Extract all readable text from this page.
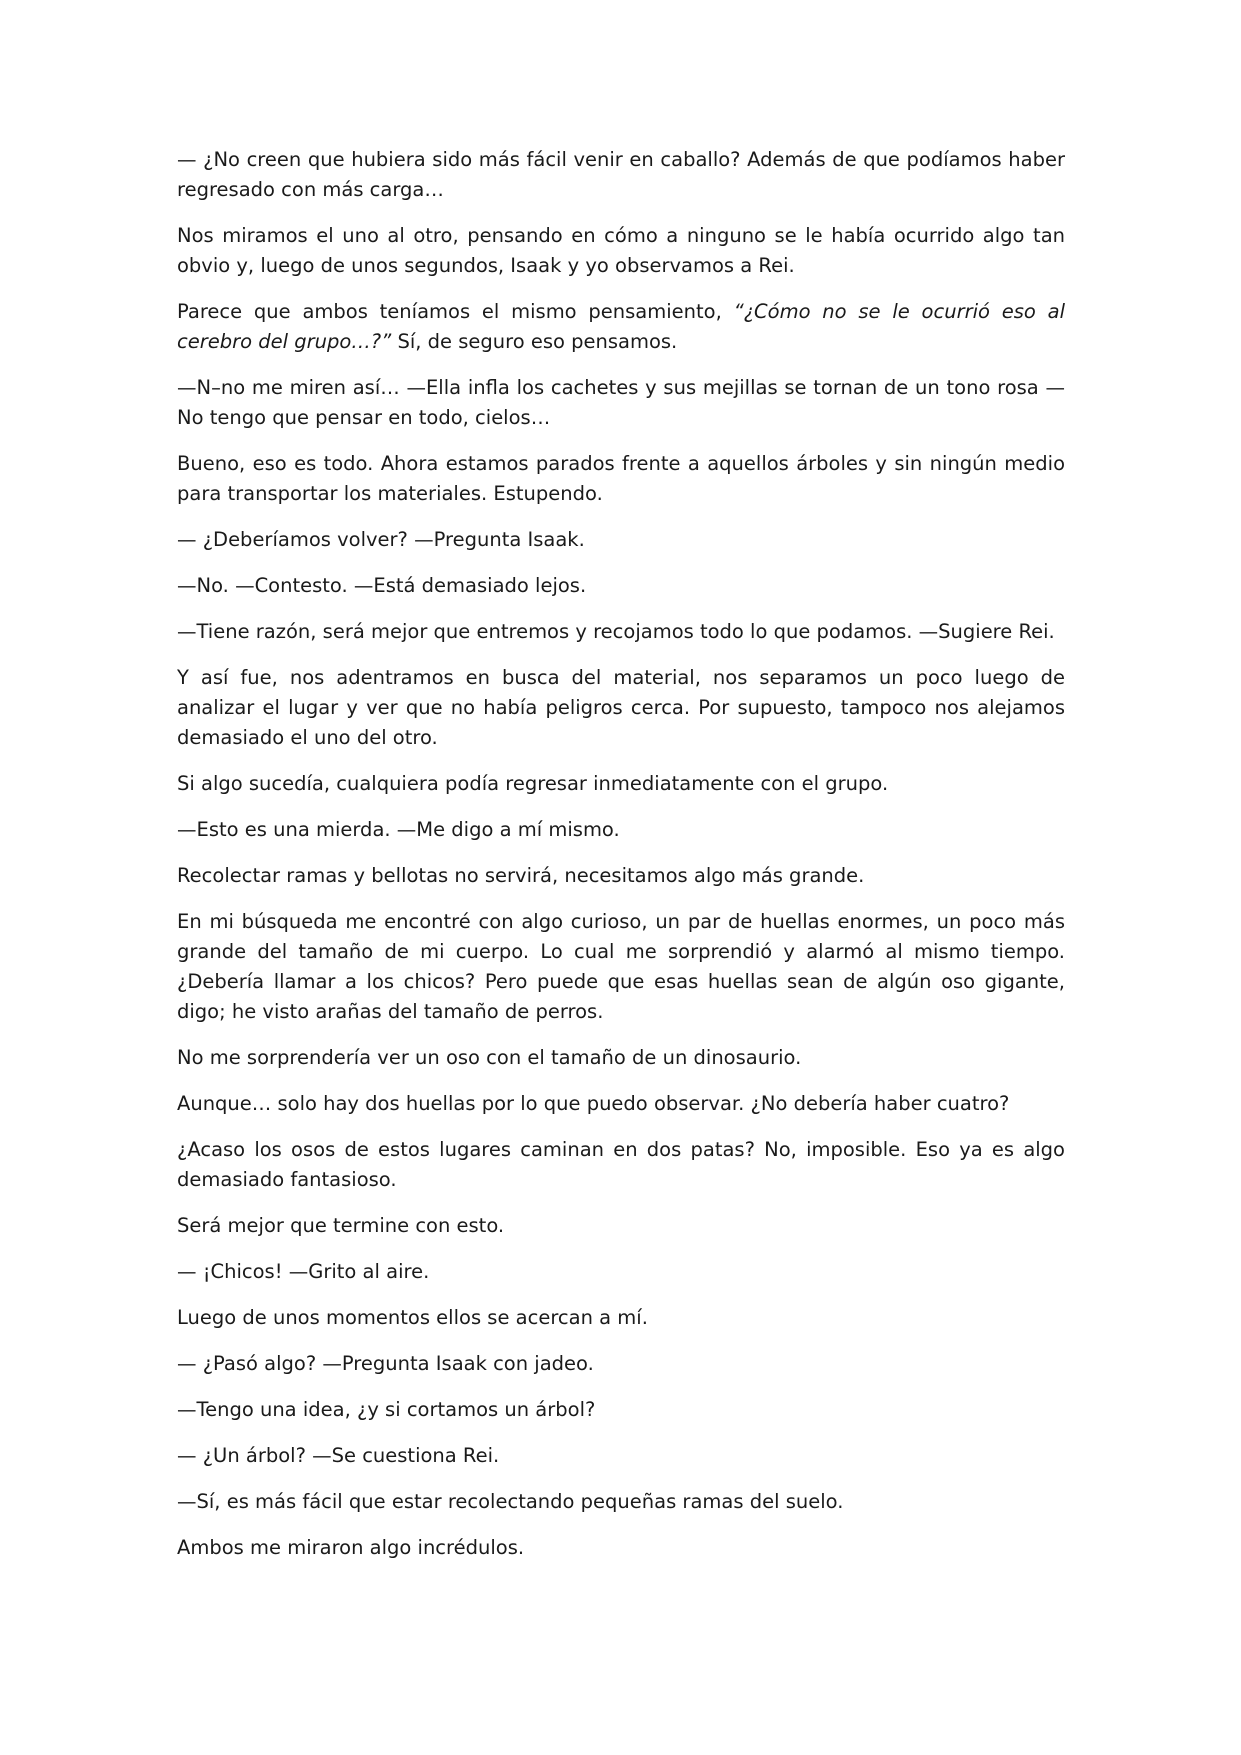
— ¿No creen que hubiera sido más fácil venir en caballo? Además de que podíamos haber regresado con más carga…

Nos miramos el uno al otro, pensando en cómo a ninguno se le había ocurrido algo tan obvio y, luego de unos segundos, Isaak y yo observamos a Rei.

Parece que ambos teníamos el mismo pensamiento, “¿Cómo no se le ocurrió eso al cerebro del grupo…?” Sí, de seguro eso pensamos.

—N–no me miren así… —Ella infla los cachetes y sus mejillas se tornan de un tono rosa —No tengo que pensar en todo, cielos…

Bueno, eso es todo. Ahora estamos parados frente a aquellos árboles y sin ningún medio para transportar los materiales. Estupendo.

— ¿Deberíamos volver? —Pregunta Isaak.

—No. —Contesto. —Está demasiado lejos.

—Tiene razón, será mejor que entremos y recojamos todo lo que podamos. —Sugiere Rei.

Y así fue, nos adentramos en busca del material, nos separamos un poco luego de analizar el lugar y ver que no había peligros cerca. Por supuesto, tampoco nos alejamos demasiado el uno del otro.

Si algo sucedía, cualquiera podía regresar inmediatamente con el grupo.

—Esto es una mierda. —Me digo a mí mismo.

Recolectar ramas y bellotas no servirá, necesitamos algo más grande.

En mi búsqueda me encontré con algo curioso, un par de huellas enormes, un poco más grande del tamaño de mi cuerpo. Lo cual me sorprendió y alarmó al mismo tiempo. ¿Debería llamar a los chicos? Pero puede que esas huellas sean de algún oso gigante, digo; he visto arañas del tamaño de perros.

No me sorprendería ver un oso con el tamaño de un dinosaurio.

Aunque… solo hay dos huellas por lo que puedo observar. ¿No debería haber cuatro?

¿Acaso los osos de estos lugares caminan en dos patas? No, imposible. Eso ya es algo demasiado fantasioso.

Será mejor que termine con esto.

— ¡Chicos! —Grito al aire.

Luego de unos momentos ellos se acercan a mí.

— ¿Pasó algo? —Pregunta Isaak con jadeo.

—Tengo una idea, ¿y si cortamos un árbol?

— ¿Un árbol? —Se cuestiona Rei.

—Sí, es más fácil que estar recolectando pequeñas ramas del suelo.

Ambos me miraron algo incrédulos.
